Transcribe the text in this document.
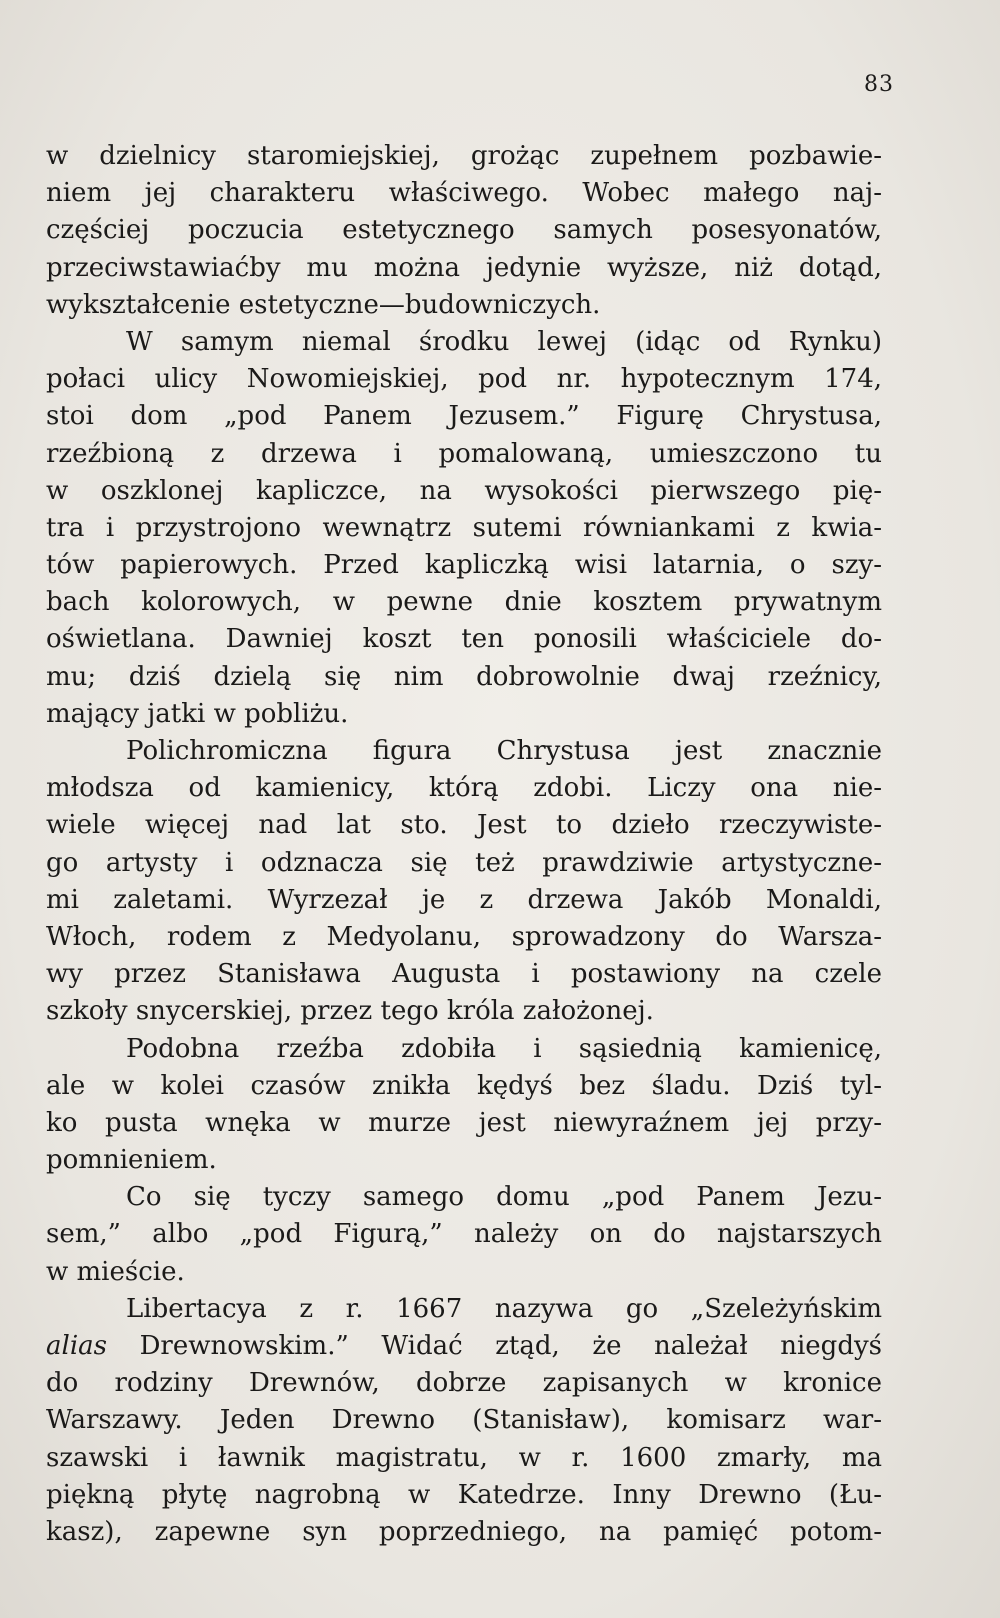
83
w dzielnicy staromiejskiej, grożąc zupełnem pozbawie-
niem jej charakteru właściwego. Wobec małego naj-
częściej poczucia estetycznego samych posesyonatów,
przeciwstawiaćby mu można jedynie wyższe, niż dotąd,
wykształcenie estetyczne—budowniczych.
W samym niemal środku lewej (idąc od Rynku)
połaci ulicy Nowomiejskiej, pod nr. hypotecznym 174,
stoi dom „pod Panem Jezusem.” Figurę Chrystusa,
rzeźbioną z drzewa i pomalowaną, umieszczono tu
w oszklonej kapliczce, na wysokości pierwszego pię-
tra i przystrojono wewnątrz sutemi równiankami z kwia-
tów papierowych. Przed kapliczką wisi latarnia, o szy-
bach kolorowych, w pewne dnie kosztem prywatnym
oświetlana. Dawniej koszt ten ponosili właściciele do-
mu; dziś dzielą się nim dobrowolnie dwaj rzeźnicy,
mający jatki w pobliżu.
Polichromiczna figura Chrystusa jest znacznie
młodsza od kamienicy, którą zdobi. Liczy ona nie-
wiele więcej nad lat sto. Jest to dzieło rzeczywiste-
go artysty i odznacza się też prawdziwie artystyczne-
mi zaletami. Wyrzezał je z drzewa Jakób Monaldi,
Włoch, rodem z Medyolanu, sprowadzony do Warsza-
wy przez Stanisława Augusta i postawiony na czele
szkoły snycerskiej, przez tego króla założonej.
Podobna rzeźba zdobiła i sąsiednią kamienicę,
ale w kolei czasów znikła kędyś bez śladu. Dziś tyl-
ko pusta wnęka w murze jest niewyraźnem jej przy-
pomnieniem.
Co się tyczy samego domu „pod Panem Jezu-
sem,” albo „pod Figurą,” należy on do najstarszych
w mieście.
Libertacya z r. 1667 nazywa go „Szeleżyńskim
alias Drewnowskim.” Widać ztąd, że należał niegdyś
do rodziny Drewnów, dobrze zapisanych w kronice
Warszawy. Jeden Drewno (Stanisław), komisarz war-
szawski i ławnik magistratu, w r. 1600 zmarły, ma
piękną płytę nagrobną w Katedrze. Inny Drewno (Łu-
kasz), zapewne syn poprzedniego, na pamięć potom-
